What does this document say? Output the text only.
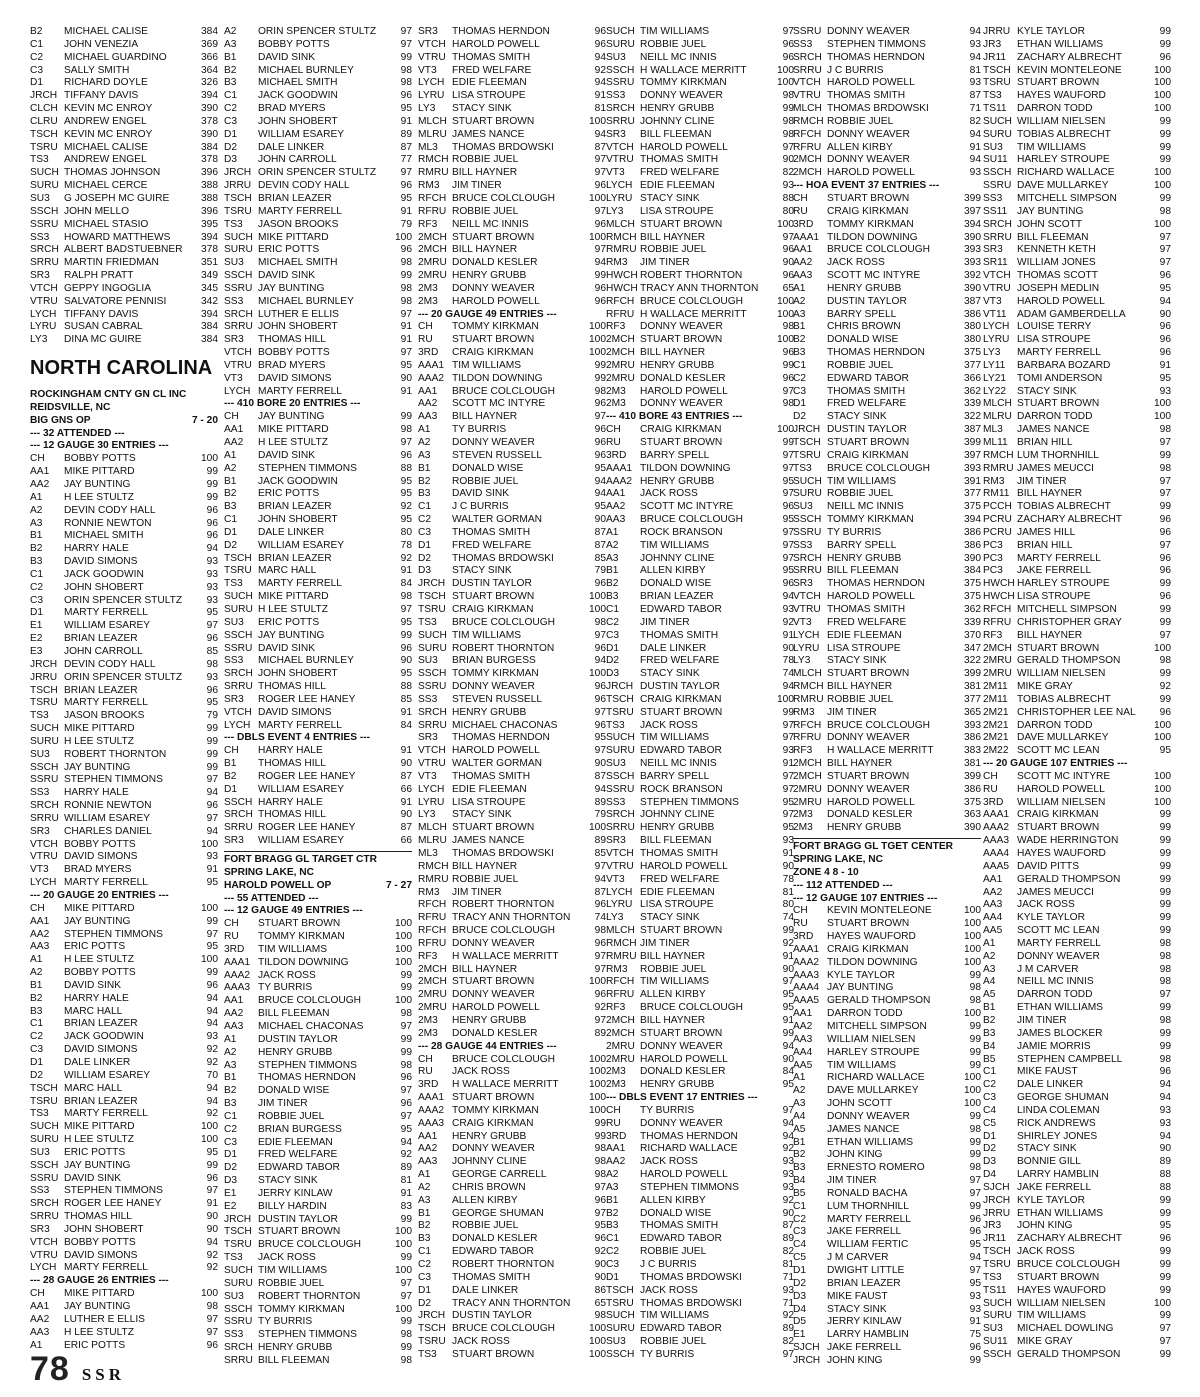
B2	MICHAEL CALISE	384
C1	JOHN VENEZIA	369
C2	MICHAEL GUARDINO	366
C3	SALLY SMITH	364
D1	RICHARD DOYLE	326
JRCH TIFFANY DAVIS	394
CLCH KEVIN MC ENROY	390
CLRU ANDREW ENGEL	378
TSCH KEVIN MC ENROY	390
TSRU MICHAEL CALISE	384
TS3	ANDREW ENGEL	378
SUCH THOMAS JOHNSON	396
SURU MICHAEL CERCE	388
SU3	G JOSEPH MC GUIRE	388
SSCH JOHN MELLO	396
SSRU MICHAEL STASIO	395
SS3	HOWARD MATTHEWS	394
SRCH ALBERT BADSTUEBNER	378
SRRU MARTIN FRIEDMAN	351
SR3	RALPH PRATT	349
VTCH GEPPY INGOGLIA	345
VTRU SALVATORE PENNISI	342
LYCH TIFFANY DAVIS	394
LYRU SUSAN CABRAL	384
LY3	DINA MC GUIRE	384
NORTH CAROLINA
ROCKINGHAM CNTY GN CL INC
REIDSVILLE, NC
BIG GNS OP	7 - 20
--- 32 ATTENDED ---
--- 12 GAUGE 30 ENTRIES ---
CH	BOBBY POTTS	100
AA1	MIKE PITTARD	99
AA2	JAY BUNTING	99
A1	H LEE STULTZ	99
A2	DEVIN CODY HALL	96
A3	RONNIE NEWTON	96
B1	MICHAEL SMITH	96
B2	HARRY HALE	94
B3	DAVID SIMONS	93
C1	JACK GOODWIN	93
C2	JOHN SHOBERT	93
C3	ORIN SPENCER STULTZ	93
D1	MARTY FERRELL	95
E1	WILLIAM ESAREY	97
E2	BRIAN LEAZER	96
E3	JOHN CARROLL	85
JRCH DEVIN CODY HALL	98
JRRU ORIN SPENCER STULTZ	93
TSCH BRIAN LEAZER	96
TSRU MARTY FERRELL	95
TS3	JASON BROOKS	79
SUCH MIKE PITTARD	99
SURU H LEE STULTZ	99
SU3	ROBERT THORNTON	99
SSCH JAY BUNTING	99
SSRU STEPHEN TIMMONS	97
SS3	HARRY HALE	94
SRCH RONNIE NEWTON	96
SRRU WILLIAM ESAREY	97
SR3	CHARLES DANIEL	94
VTCH BOBBY POTTS	100
VTRU DAVID SIMONS	93
VT3	BRAD MYERS	91
LYCH MARTY FERRELL	95
--- 20 GAUGE 20 ENTRIES ---
CH	MIKE PITTARD	100
AA1	JAY BUNTING	99
AA2	STEPHEN TIMMONS	97
AA3	ERIC POTTS	95
A1	H LEE STULTZ	100
A2	BOBBY POTTS	99
B1	DAVID SINK	96
B2	HARRY HALE	94
B3	MARC HALL	94
C1	BRIAN LEAZER	94
C2	JACK GOODWIN	93
C3	DAVID SIMONS	92
D1	DALE LINKER	92
D2	WILLIAM ESAREY	70
TSCH MARC HALL	94
TSRU BRIAN LEAZER	94
TS3	MARTY FERRELL	92
SUCH MIKE PITTARD	100
SURU H LEE STULTZ	100
SU3	ERIC POTTS	95
SSCH JAY BUNTING	99
SSRU DAVID SINK	96
SS3	STEPHEN TIMMONS	97
SRCH ROGER LEE HANEY	91
SRRU THOMAS HILL	90
SR3	JOHN SHOBERT	90
VTCH BOBBY POTTS	94
VTRU DAVID SIMONS	92
LYCH MARTY FERRELL	92
--- 28 GAUGE 26 ENTRIES ---
CH	MIKE PITTARD	100
AA1	JAY BUNTING	98
AA2	LUTHER E ELLIS	97
AA3	H LEE STULTZ	97
A1	ERIC POTTS	96
A2	ORIN SPENCER STULTZ	97
A3	BOBBY POTTS	97
B1	DAVID SINK	99
B2	MICHAEL BURNLEY	98
B3	MICHAEL SMITH	98
C1	JACK GOODWIN	96
C2	BRAD MYERS	95
C3	JOHN SHOBERT	91
D1	WILLIAM ESAREY	89
D2	DALE LINKER	87
D3	JOHN CARROLL	77
JRCH ORIN SPENCER STULTZ	97
JRRU DEVIN CODY HALL	96
TSCH BRIAN LEAZER	95
TSRU MARTY FERRELL	91
TS3	JASON BROOKS	79
SUCH MIKE PITTARD	100
SURU ERIC POTTS	96
SU3	MICHAEL SMITH	98
SSCH DAVID SINK	99
SSRU JAY BUNTING	98
SS3	MICHAEL BURNLEY	98
SRCH LUTHER E ELLIS	97
SRRU JOHN SHOBERT	91
SR3	THOMAS HILL	91
VTCH BOBBY POTTS	97
VTRU BRAD MYERS	95
VT3	DAVID SIMONS	90
LYCH MARTY FERRELL	91
--- 410 BORE 20 ENTRIES ---
CH	JAY BUNTING	99
AA1	MIKE PITTARD	98
AA2	H LEE STULTZ	97
A1	DAVID SINK	96
A2	STEPHEN TIMMONS	88
B1	JACK GOODWIN	95
B2	ERIC POTTS	95
B3	BRIAN LEAZER	92
C1	JOHN SHOBERT	95
D1	DALE LINKER	80
D2	WILLIAM ESAREY	78
TSCH BRIAN LEAZER	92
TSRU MARC HALL	91
TS3	MARTY FERRELL	84
SUCH MIKE PITTARD	98
SURU H LEE STULTZ	97
SU3	ERIC POTTS	95
SSCH JAY BUNTING	99
SSRU DAVID SINK	96
SS3	MICHAEL BURNLEY	90
SRCH JOHN SHOBERT	95
SRRU THOMAS HILL	88
SR3	ROGER LEE HANEY	85
VTCH DAVID SIMONS	91
LYCH MARTY FERRELL	84
--- DBLS EVENT 4 ENTRIES ---
CH	HARRY HALE	91
B1	THOMAS HILL	90
B2	ROGER LEE HANEY	87
D1	WILLIAM ESAREY	66
SSCH HARRY HALE	91
SRCH THOMAS HILL	90
SRRU ROGER LEE HANEY	87
SR3	WILLIAM ESAREY	66
FORT BRAGG GL TARGET CTR
SPRING LAKE, NC
HAROLD POWELL OP	7 - 27
--- 55 ATTENDED ---
--- 12 GAUGE 49 ENTRIES ---
CH	STUART BROWN	100
RU	TOMMY KIRKMAN	100
3RD	TIM WILLIAMS	100
AAA1 TILDON DOWNING	100
AAA2 JACK ROSS	99
AAA3 TY BURRIS	99
AA1	BRUCE COLCLOUGH	100
AA2	BILL FLEEMAN	98
AA3	MICHAEL CHACONAS	97
A1	DUSTIN TAYLOR	99
A2	HENRY GRUBB	99
A3	STEPHEN TIMMONS	98
B1	THOMAS HERNDON	96
B2	DONALD WISE	97
B3	JIM TINER	96
C1	ROBBIE JUEL	97
C2	BRIAN BURGESS	95
C3	EDIE FLEEMAN	94
D1	FRED WELFARE	92
D2	EDWARD TABOR	89
D3	STACY SINK	81
E1	JERRY KINLAW	91
E2	BILLY HARDIN	83
JRCH DUSTIN TAYLOR	99
TSCH STUART BROWN	100
TSRU BRUCE COLCLOUGH	100
TS3	JACK ROSS	99
SUCH TIM WILLIAMS	100
SURU ROBBIE JUEL	97
SU3	ROBERT THORNTON	97
SSCH TOMMY KIRKMAN	100
SSRU TY BURRIS	99
SS3	STEPHEN TIMMONS	98
SRCH HENRY GRUBB	99
SRRU BILL FLEEMAN	98
SR3	THOMAS HERNDON	96
VTCH HAROLD POWELL	96
VTRU THOMAS SMITH	94
VT3	FRED WELFARE	92
LYCH EDIE FLEEMAN	94
LYRU LISA STROUPE	91
LY3	STACY SINK	81
MLCH STUART BROWN	100
MLRU JAMES NANCE	94
ML3	THOMAS BRDOWSKI	87
RMCH ROBBIE JUEL	97
RMRU BILL HAYNER	97
RM3	JIM TINER	96
RFCH BRUCE COLCLOUGH	100
RFRU ROBBIE JUEL	97
RF3	NEILL MC INNIS	96
2MCH STUART BROWN	100
2MCH BILL HAYNER	97
2MRU DONALD KESLER	94
2MRU HENRY GRUBB	99
2M3	DONNY WEAVER	96
2M3	HAROLD POWELL	96
--- 20 GAUGE 49 ENTRIES ---
CH	TOMMY KIRKMAN	100
RU	STUART BROWN	100
3RD	CRAIG KIRKMAN	100
AAA1 TIM WILLIAMS	99
AAA2 TILDON DOWNING	99
AA1	BRUCE COLCLOUGH	98
AA2	SCOTT MC INTYRE	96
AA3	BILL HAYNER	97
A1	TY BURRIS	96
A2	DONNY WEAVER	96
A3	STEVEN RUSSELL	96
B1	DONALD WISE	95
B2	ROBBIE JUEL	94
B3	DAVID SINK	94
C1	J C BURRIS	95
C2	WALTER GORMAN	90
C3	THOMAS SMITH	87
D1	FRED WELFARE	87
D2	THOMAS BRDOWSKI	85
D3	STACY SINK	79
JRCH DUSTIN TAYLOR	96
TSCH STUART BROWN	100
TSRU CRAIG KIRKMAN	100
TS3	BRUCE COLCLOUGH	98
SUCH TIM WILLIAMS	97
SURU ROBERT THORNTON	96
SU3	BRIAN BURGESS	94
SSCH TOMMY KIRKMAN	100
SSRU DONNY WEAVER	96
SS3	STEVEN RUSSELL	96
SRCH HENRY GRUBB	97
SRRU MICHAEL CHACONAS	96
SR3	THOMAS HERNDON	95
VTCH HAROLD POWELL	97
VTRU WALTER GORMAN	90
VT3	THOMAS SMITH	87
LYCH EDIE FLEEMAN	94
LYRU LISA STROUPE	89
LY3	STACY SINK	79
MLCH STUART BROWN	100
MLRU JAMES NANCE	89
ML3	THOMAS BRDOWSKI	85
RMCH BILL HAYNER	97
RMRU ROBBIE JUEL	94
RM3	JIM TINER	87
RFCH ROBERT THORNTON	96
RFRU TRACY ANN THORNTON	74
RFCH BRUCE COLCLOUGH	98
RFRU DONNY WEAVER	96
RF3	H WALLACE MERRITT	97
2MCH BILL HAYNER	97
2MCH STUART BROWN	100
2MRU DONNY WEAVER	96
2MRU HAROLD POWELL	92
2M3	HENRY GRUBB	97
2M3	DONALD KESLER	89
--- 28 GAUGE 44 ENTRIES ---
CH	BRUCE COLCLOUGH	100
RU	JACK ROSS	100
3RD	H WALLACE MERRITT	100
AAA1 STUART BROWN	100
AAA2 TOMMY KIRKMAN	100
AAA3 CRAIG KIRKMAN	99
AA1	HENRY GRUBB	99
AA2	DONNY WEAVER	98
AA3	JOHNNY CLINE	98
A1	GEORGE CARRELL	98
A2	CHRIS BROWN	97
A3	ALLEN KIRBY	96
B1	GEORGE SHUMAN	97
B2	ROBBIE JUEL	95
B3	DONALD KESLER	96
C1	EDWARD TABOR	92
C2	ROBERT THORNTON	90
C3	THOMAS SMITH	90
D1	DALE LINKER	86
D2	TRACY ANN THORNTON	65
JRCH DUSTIN TAYLOR	98
TSCH BRUCE COLCLOUGH	100
TSRU JACK ROSS	100
TS3	STUART BROWN	100
SUCH TIM WILLIAMS	97
SURU ROBBIE JUEL	96
SU3	NEILL MC INNIS	96
SSCH H WALLACE MERRITT	100
SSRU TOMMY KIRKMAN	100
SS3	DONNY WEAVER	98
SRCH HENRY GRUBB	99
SRRU JOHNNY CLINE	98
SR3	BILL FLEEMAN	98
VTCH HAROLD POWELL	97
VTRU THOMAS SMITH	90
VT3	FRED WELFARE	82
LYCH EDIE FLEEMAN	93
LYRU STACY SINK	88
LY3	LISA STROUPE	80
MLCH STUART BROWN	100
RMCH BILL HAYNER	97
RMRU ROBBIE JUEL	96
RM3	JIM TINER	90
HWCH ROBERT THORNTON	96
HWCH TRACY ANN THORNTON	65
RFCH BRUCE COLCLOUGH	100
RFRU H WALLACE MERRITT	100
RF3	DONNY WEAVER	98
2MCH STUART BROWN	100
2MCH BILL HAYNER	96
2MRU HENRY GRUBB	99
2MRU DONALD KESLER	96
2M3	HAROLD POWELL	97
2M3	DONNY WEAVER	98
--- 410 BORE 43 ENTRIES ---
CH	CRAIG KIRKMAN	100
RU	STUART BROWN	99
3RD	BARRY SPELL	97
AAA1 TILDON DOWNING	97
AAA2 HENRY GRUBB	95
AA1	JACK ROSS	97
AA2	SCOTT MC INTYRE	96
AA3	BRUCE COLCLOUGH	95
A1	ROCK BRANSON	97
A2	TIM WILLIAMS	97
A3	JOHNNY CLINE	97
B1	ALLEN KIRBY	95
B2	DONALD WISE	96
B3	BRIAN LEAZER	94
C1	EDWARD TABOR	93
C2	JIM TINER	92
C3	THOMAS SMITH	91
D1	DALE LINKER	90
D2	FRED WELFARE	78
D3	STACY SINK	74
JRCH DUSTIN TAYLOR	94
TSCH CRAIG KIRKMAN	100
TSRU STUART BROWN	99
TS3	JACK ROSS	97
SUCH TIM WILLIAMS	97
SURU EDWARD TABOR	93
SU3	NEILL MC INNIS	91
SSCH BARRY SPELL	97
SSRU ROCK BRANSON	97
SS3	STEPHEN TIMMONS	95
SRCH JOHNNY CLINE	97
SRRU HENRY GRUBB	95
SR3	BILL FLEEMAN	93
VTCH THOMAS SMITH	91
VTRU HAROLD POWELL	90
VT3	FRED WELFARE	78
LYCH EDIE FLEEMAN	81
LYRU LISA STROUPE	80
LY3	STACY SINK	74
MLCH STUART BROWN	99
RMCH JIM TINER	92
RMRU BILL HAYNER	91
RM3	ROBBIE JUEL	90
RFCH TIM WILLIAMS	97
RFRU ALLEN KIRBY	95
RF3	BRUCE COLCLOUGH	95
2MCH BILL HAYNER	91
2MCH STUART BROWN	99
2MRU DONNY WEAVER	94
2MRU HAROLD POWELL	90
2M3	DONALD KESLER	84
2M3	HENRY GRUBB	95
--- DBLS EVENT 17 ENTRIES ---
CH	TY BURRIS	97
RU	DONNY WEAVER	94
3RD	THOMAS HERNDON	94
AA1	RICHARD WALLACE	92
AA2	JACK ROSS	93
A2	HAROLD POWELL	93
A3	STEPHEN TIMMONS	93
B1	ALLEN KIRBY	92
B2	DONALD WISE	90
B3	THOMAS SMITH	87
C1	EDWARD TABOR	89
C2	ROBBIE JUEL	82
C3	J C BURRIS	81
D1	THOMAS BRDOWSKI	71
TSCH JACK ROSS	93
TSRU THOMAS BRDOWSKI	71
SUCH TIM WILLIAMS	92
SURU EDWARD TABOR	89
SU3	ROBBIE JUEL	82
SSCH TY BURRIS	97
SSRU DONNY WEAVER	94
SS3	STEPHEN TIMMONS	93
SRCH THOMAS HERNDON	94
SRRU J C BURRIS	81
VTCH HAROLD POWELL	93
VTRU THOMAS SMITH	87
MLCH THOMAS BRDOWSKI	71
RMCH ROBBIE JUEL	82
RFCH DONNY WEAVER	94
RFRU ALLEN KIRBY	91
2MCH DONNY WEAVER	94
2MCH HAROLD POWELL	93
--- HOA EVENT 37 ENTRIES ---
CH	STUART BROWN	399
RU	CRAIG KIRKMAN	397
3RD	TOMMY KIRKMAN	394
AAA1 TILDON DOWNING	390
AA1	BRUCE COLCLOUGH	393
AA2	JACK ROSS	393
AA3	SCOTT MC INTYRE	392
A1	HENRY GRUBB	390
A2	DUSTIN TAYLOR	387
A3	BARRY SPELL	386
B1	CHRIS BROWN	380
B2	DONALD WISE	380
B3	THOMAS HERNDON	375
C1	ROBBIE JUEL	377
C2	EDWARD TABOR	366
C3	THOMAS SMITH	362
D1	FRED WELFARE	339
D2	STACY SINK	322
JRCH DUSTIN TAYLOR	387
TSCH STUART BROWN	399
TSRU CRAIG KIRKMAN	397
TS3	BRUCE COLCLOUGH	393
SUCH TIM WILLIAMS	391
SURU ROBBIE JUEL	377
SU3	NEILL MC INNIS	375
SSCH TOMMY KIRKMAN	394
SSRU TY BURRIS	386
SS3	BARRY SPELL	386
SRCH HENRY GRUBB	390
SRRU BILL FLEEMAN	384
SR3	THOMAS HERNDON	375
VTCH HAROLD POWELL	375
VTRU THOMAS SMITH	362
VT3	FRED WELFARE	339
LYCH EDIE FLEEMAN	370
LYRU LISA STROUPE	347
LY3	STACY SINK	322
MLCH STUART BROWN	399
RMCH BILL HAYNER	381
RMRU ROBBIE JUEL	377
RM3	JIM TINER	365
RFCH BRUCE COLCLOUGH	393
RFRU DONNY WEAVER	386
RF3	H WALLACE MERRITT	383
2MCH BILL HAYNER	381
2MCH STUART BROWN	399
2MRU DONNY WEAVER	386
2MRU HAROLD POWELL	375
2M3	DONALD KESLER	363
2M3	HENRY GRUBB	390
FORT BRAGG GL TGET CENTER
SPRING LAKE, NC
ZONE 4 8 - 10
--- 112 ATTENDED ---
--- 12 GAUGE 107 ENTRIES ---
CH	KEVIN MONTELEONE	100
RU	STUART BROWN	100
3RD	HAYES WAUFORD	100
AAA1 CRAIG KIRKMAN	100
AAA2 TILDON DOWNING	100
AAA3 KYLE TAYLOR	99
AAA4 JAY BUNTING	98
AAA5 GERALD THOMPSON	98
AA1	DARRON TODD	100
AA2	MITCHELL SIMPSON	99
AA3	WILLIAM NIELSEN	99
AA4	HARLEY STROUPE	99
AA5	TIM WILLIAMS	99
A1	RICHARD WALLACE	100
A2	DAVE MULLARKEY	100
A3	JOHN SCOTT	100
A4	DONNY WEAVER	99
A5	JAMES NANCE	98
B1	ETHAN WILLIAMS	99
B2	JOHN KING	99
B3	ERNESTO ROMERO	98
B4	JIM TINER	97
B5	RONALD BACHA	97
C1	LUM THORNHILL	99
C2	MARTY FERRELL	96
C3	JAKE FERRELL	96
C4	WILLIAM FERTIC	95
C5	J M CARVER	94
D1	DWIGHT LITTLE	97
D2	BRIAN LEAZER	95
D3	MIKE FAUST	93
D4	STACY SINK	93
D5	JERRY KINLAW	91
E1	LARRY HAMBLIN	75
SJCH JAKE FERRELL	96
JRCH JOHN KING	99
JRRU KYLE TAYLOR	99
JR3	ETHAN WILLIAMS	99
JR11	ZACHARY ALBRECHT	96
TSCH KEVIN MONTELEONE	100
TSRU STUART BROWN	100
TS3	HAYES WAUFORD	100
TS11	DARRON TODD	100
SUCH WILLIAM NIELSEN	99
SURU TOBIAS ALBRECHT	99
SU3	TIM WILLIAMS	99
SU11 HARLEY STROUPE	99
SSCH RICHARD WALLACE	100
SSRU DAVE MULLARKEY	100
SS3	MITCHELL SIMPSON	99
SS11 JAY BUNTING	98
SRCH JOHN SCOTT	100
SRRU BILL FLEEMAN	97
SR3	KENNETH KETH	97
SR11 WILLIAM JONES	97
VTCH THOMAS SCOTT	96
VTRU JOSEPH MEDLIN	95
VT3	HAROLD POWELL	94
VT11	ADAM GAMBERDELLA	90
LYCH LOUISE TERRY	96
LYRU LISA STROUPE	96
LY3	MARTY FERRELL	96
LY11	BARBARA BOZARD	91
LY21	TOMI ANDERSON	95
LY22	STACY SINK	93
MLCH STUART BROWN	100
MLRU DARRON TODD	100
ML3	JAMES NANCE	98
ML11 BRIAN HILL	97
RMCH LUM THORNHILL	99
RMRU JAMES MEUCCI	98
RM3	JIM TINER	97
RM11 BILL HAYNER	97
PCCH TOBIAS ALBRECHT	99
PCRU ZACHARY ALBRECHT	96
PCRU JAMES HILL	96
PC3	BRIAN HILL	97
PC3	MARTY FERRELL	96
PC3	JAKE FERRELL	96
HWCH HARLEY STROUPE	99
HWCH LISA STROUPE	96
RFCH MITCHELL SIMPSON	99
RFRU CHRISTOPHER GRAY	99
RF3	BILL HAYNER	97
2MCH STUART BROWN	100
2MRU GERALD THOMPSON	98
2MRU WILLIAM NIELSEN	99
2M11 MIKE GRAY	92
2M11 TOBIAS ALBRECHT	99
2M21 CHRISTOPHER LEE NAL	96
2M21 DARRON TODD	100
2M21 DAVE MULLARKEY	100
2M22 SCOTT MC LEAN	95
--- 20 GAUGE 107 ENTRIES ---
CH	SCOTT MC INTYRE	100
RU	HAROLD POWELL	100
3RD	WILLIAM NIELSEN	100
AAA1 CRAIG KIRKMAN	99
AAA2 STUART BROWN	99
AAA3 WADE HERRINGTON	99
AAA4 HAYES WAUFORD	99
AAA5 DAVID PITTS	99
AA1	GERALD THOMPSON	99
AA2	JAMES MEUCCI	99
AA3	JACK ROSS	99
AA4	KYLE TAYLOR	99
AA5	SCOTT MC LEAN	99
A1	MARTY FERRELL	98
A2	DONNY WEAVER	98
A3	J M CARVER	98
A4	NEILL MC INNIS	98
A5	DARRON TODD	97
B1	ETHAN WILLIAMS	99
B2	JIM TINER	98
B3	JAMES BLOCKER	99
B4	JAMIE MORRIS	99
B5	STEPHEN CAMPBELL	98
C1	MIKE FAUST	96
C2	DALE LINKER	94
C3	GEORGE SHUMAN	94
C4	LINDA COLEMAN	93
C5	RICK ANDREWS	93
D1	SHIRLEY JONES	94
D2	STACY SINK	90
D3	BONNIE GILL	89
D4	LARRY HAMBLIN	88
SJCH JAKE FERRELL	88
JRCH KYLE TAYLOR	99
JRRU ETHAN WILLIAMS	99
JR3	JOHN KING	95
JR11	ZACHARY ALBRECHT	96
TSCH JACK ROSS	99
TSRU BRUCE COLCLOUGH	99
TS3	STUART BROWN	99
TS11	HAYES WAUFORD	99
SUCH WILLIAM NIELSEN	100
SURU TIM WILLIAMS	99
SU3	MICHAEL DOWLING	97
SU11 MIKE GRAY	97
SSCH GERALD THOMPSON	99
78 SSR
